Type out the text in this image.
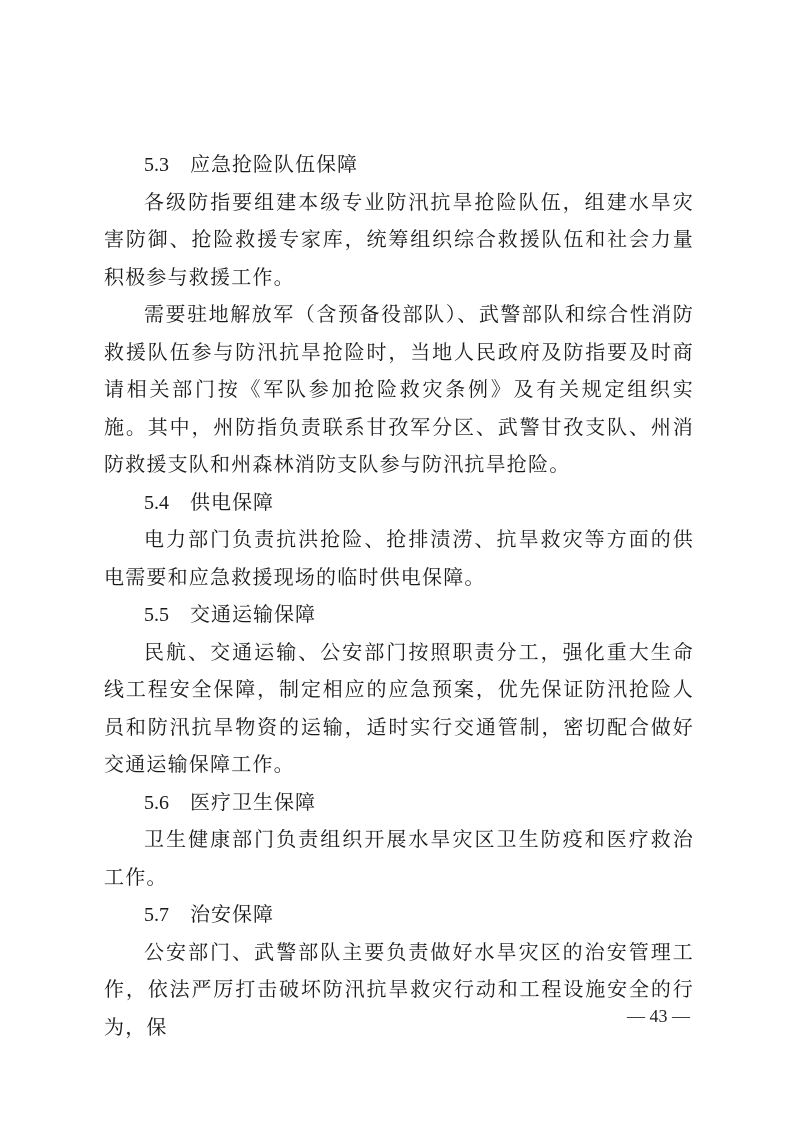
5.3 应急抢险队伍保障
各级防指要组建本级专业防汛抗旱抢险队伍，组建水旱灾害防御、抢险救援专家库，统筹组织综合救援队伍和社会力量积极参与救援工作。
需要驻地解放军（含预备役部队）、武警部队和综合性消防救援队伍参与防汛抗旱抢险时，当地人民政府及防指要及时商请相关部门按《军队参加抢险救灾条例》及有关规定组织实施。其中，州防指负责联系甘孜军分区、武警甘孜支队、州消防救援支队和州森林消防支队参与防汛抗旱抢险。
5.4 供电保障
电力部门负责抗洪抢险、抢排渍涝、抗旱救灾等方面的供电需要和应急救援现场的临时供电保障。
5.5 交通运输保障
民航、交通运输、公安部门按照职责分工，强化重大生命线工程安全保障，制定相应的应急预案，优先保证防汛抢险人员和防汛抗旱物资的运输，适时实行交通管制，密切配合做好交通运输保障工作。
5.6 医疗卫生保障
卫生健康部门负责组织开展水旱灾区卫生防疫和医疗救治工作。
5.7 治安保障
公安部门、武警部队主要负责做好水旱灾区的治安管理工作，依法严厉打击破坏防汛抗旱救灾行动和工程设施安全的行为，保	— 43 —
